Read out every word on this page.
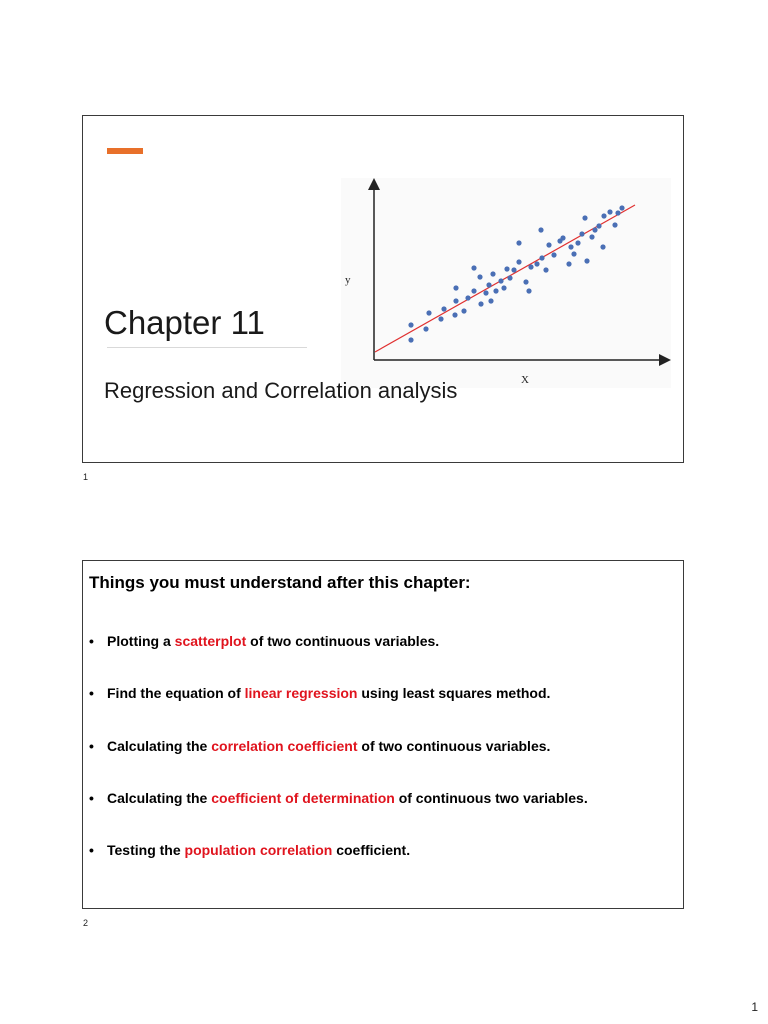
y
X
Chapter 11
Regression and Correlation analysis
1
Things you must understand after this chapter:
• Plotting a scatterplot of two continuous variables.
• Find the equation of linear regression using least squares method.
• Calculating the correlation coefficient of two continuous variables.
• Calculating the coefficient of determination of continuous two variables.
• Testing the population correlation coefficient.
2
1
